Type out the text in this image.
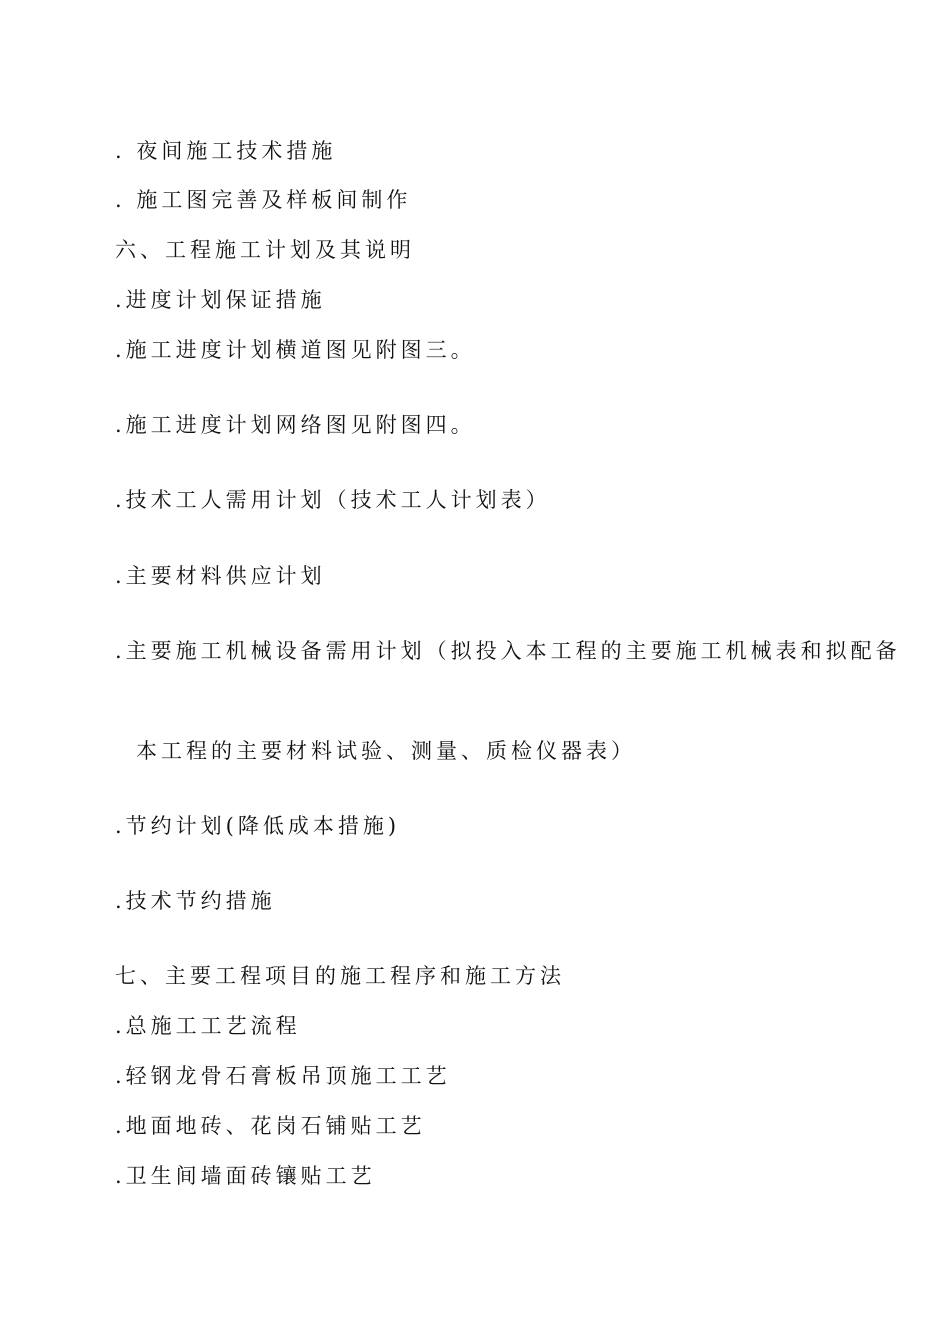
. 夜间施工技术措施
. 施工图完善及样板间制作
六、工程施工计划及其说明
.进度计划保证措施
.施工进度计划横道图见附图三。
.施工进度计划网络图见附图四。
.技术工人需用计划（技术工人计划表）
.主要材料供应计划
.主要施工机械设备需用计划（拟投入本工程的主要施工机械表和拟配备
本工程的主要材料试验、测量、质检仪器表）
.节约计划(降低成本措施)
.技术节约措施
七、主要工程项目的施工程序和施工方法
.总施工工艺流程
.轻钢龙骨石膏板吊顶施工工艺
.地面地砖、花岗石铺贴工艺
.卫生间墙面砖镶贴工艺
